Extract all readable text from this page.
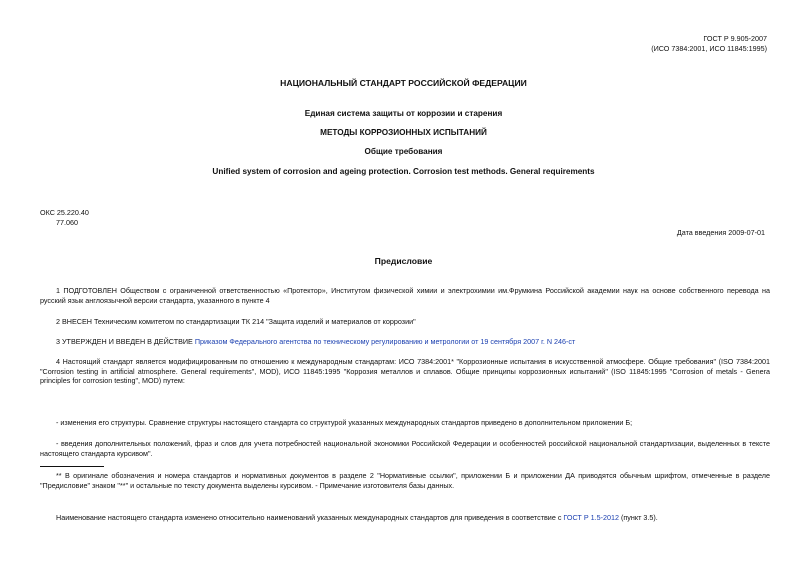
ГОСТ Р 9.905-2007
(ИСО 7384:2001, ИСО 11845:1995)
НАЦИОНАЛЬНЫЙ СТАНДАРТ РОССИЙСКОЙ ФЕДЕРАЦИИ
Единая система защиты от коррозии и старения
МЕТОДЫ КОРРОЗИОННЫХ ИСПЫТАНИЙ
Общие требования
Unified system of corrosion and ageing protection. Corrosion test methods. General requirements
ОКС 25.220.40
77.060
Дата введения 2009-07-01
Предисловие
1 ПОДГОТОВЛЕН Обществом с ограниченной ответственностью «Протектор», Институтом физической химии и электрохимии им.Фрумкина Российской академии наук на основе собственного перевода на русский язык англоязычной версии стандарта, указанного в пункте 4
2 ВНЕСЕН Техническим комитетом по стандартизации ТК 214 "Защита изделий и материалов от коррозии"
3 УТВЕРЖДЕН И ВВЕДЕН В ДЕЙСТВИЕ Приказом Федерального агентства по техническому регулированию и метрологии от 19 сентября 2007 г. N 246-ст
4 Настоящий стандарт является модифицированным по отношению к международным стандартам: ИСО 7384:2001* "Коррозионные испытания в искусственной атмосфере. Общие требования" (ISO 7384:2001 "Corrosion testing in artificial atmosphere. General requirements", MOD), ИСО 11845:1995 "Коррозия металлов и сплавов. Общие принципы коррозионных испытаний" (ISO 11845:1995 "Corrosion of metals - Genera principles for corrosion testing", MOD) путем:
- изменения его структуры. Сравнение структуры настоящего стандарта со структурой указанных международных стандартов приведено в дополнительном приложении Б;
- введения дополнительных положений, фраз и слов для учета потребностей национальной экономики Российской Федерации и особенностей российской национальной стандартизации, выделенных в тексте настоящего стандарта курсивом".
** В оригинале обозначения и номера стандартов и нормативных документов в разделе 2 "Нормативные ссылки", приложении Б и приложении ДА приводятся обычным шрифтом, отмеченные в разделе "Предисловие" знаком "**" и остальные по тексту документа выделены курсивом. - Примечание изготовителя базы данных.
Наименование настоящего стандарта изменено относительно наименований указанных международных стандартов для приведения в соответствие с ГОСТ Р 1.5-2012 (пункт 3.5).
